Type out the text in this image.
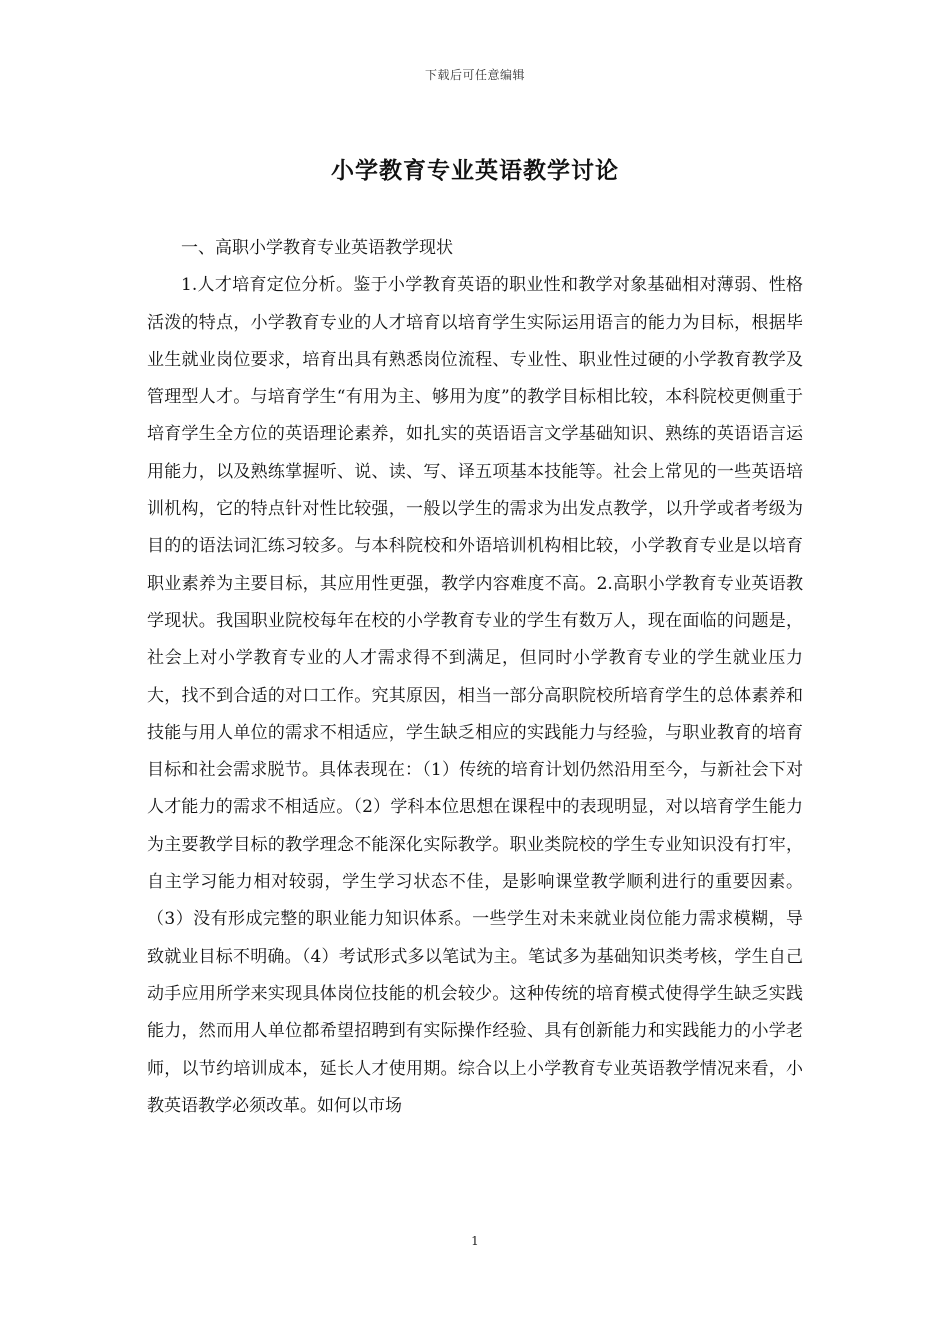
下载后可任意编辑
小学教育专业英语教学讨论

一、高职小学教育专业英语教学现状

1.人才培育定位分析。鉴于小学教育英语的职业性和教学对象基础相对薄弱、性格活泼的特点，小学教育专业的人才培育以培育学生实际运用语言的能力为目标，根据毕业生就业岗位要求，培育出具有熟悉岗位流程、专业性、职业性过硬的小学教育教学及管理型人才。与培育学生“有用为主、够用为度”的教学目标相比较，本科院校更侧重于培育学生全方位的英语理论素养，如扎实的英语语言文学基础知识、熟练的英语语言运用能力，以及熟练掌握听、说、读、写、译五项基本技能等。社会上常见的一些英语培训机构，它的特点针对性比较强，一般以学生的需求为出发点教学，以升学或者考级为目的的语法词汇练习较多。与本科院校和外语培训机构相比较，小学教育专业是以培育职业素养为主要目标，其应用性更强，教学内容难度不高。2.高职小学教育专业英语教学现状。我国职业院校每年在校的小学教育专业的学生有数万人，现在面临的问题是，社会上对小学教育专业的人才需求得不到满足，但同时小学教育专业的学生就业压力大，找不到合适的对口工作。究其原因，相当一部分高职院校所培育学生的总体素养和技能与用人单位的需求不相适应，学生缺乏相应的实践能力与经验，与职业教育的培育目标和社会需求脱节。具体表现在：（1）传统的培育计划仍然沿用至今，与新社会下对人才能力的需求不相适应。（2）学科本位思想在课程中的表现明显，对以培育学生能力为主要教学目标的教学理念不能深化实际教学。职业类院校的学生专业知识没有打牢，自主学习能力相对较弱，学生学习状态不佳，是影响课堂教学顺利进行的重要因素。（3）没有形成完整的职业能力知识体系。一些学生对未来就业岗位能力需求模糊，导致就业目标不明确。（4）考试形式多以笔试为主。笔试多为基础知识类考核，学生自己动手应用所学来实现具体岗位技能的机会较少。这种传统的培育模式使得学生缺乏实践能力，然而用人单位都希望招聘到有实际操作经验、具有创新能力和实践能力的小学老师，以节约培训成本，延长人才使用期。综合以上小学教育专业英语教学情况来看，小教英语教学必须改革。如何以市场

1
